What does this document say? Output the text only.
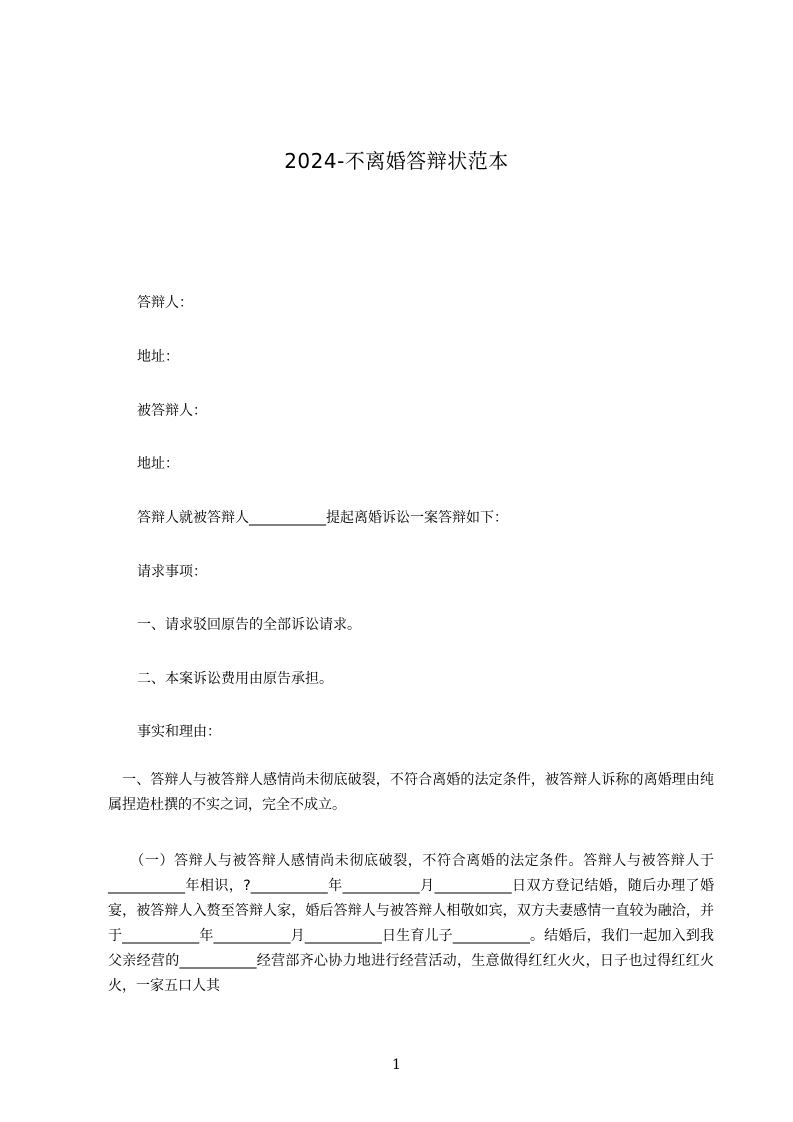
2024-不离婚答辩状范本
答辩人：
地址：
被答辩人：
地址：
答辩人就被答辩人___________提起离婚诉讼一案答辩如下：
请求事项：
一、请求驳回原告的全部诉讼请求。
二、本案诉讼费用由原告承担。
事实和理由：
　一、答辩人与被答辩人感情尚未彻底破裂，不符合离婚的法定条件，被答辩人诉称的离婚理由纯属捏造杜撰的不实之词，完全不成立。
　　（一）答辩人与被答辩人感情尚未彻底破裂，不符合离婚的法定条件。答辩人与被答辩人于___________年相识，?___________年___________月___________日双方登记结婚，随后办理了婚宴，被答辩人入赘至答辩人家，婚后答辩人与被答辩人相敬如宾，双方夫妻感情一直较为融洽，并于___________年___________月___________日生育儿子___________。结婚后，我们一起加入到我父亲经营的___________经营部齐心协力地进行经营活动，生意做得红红火火，日子也过得红红火火，一家五口人其
1
